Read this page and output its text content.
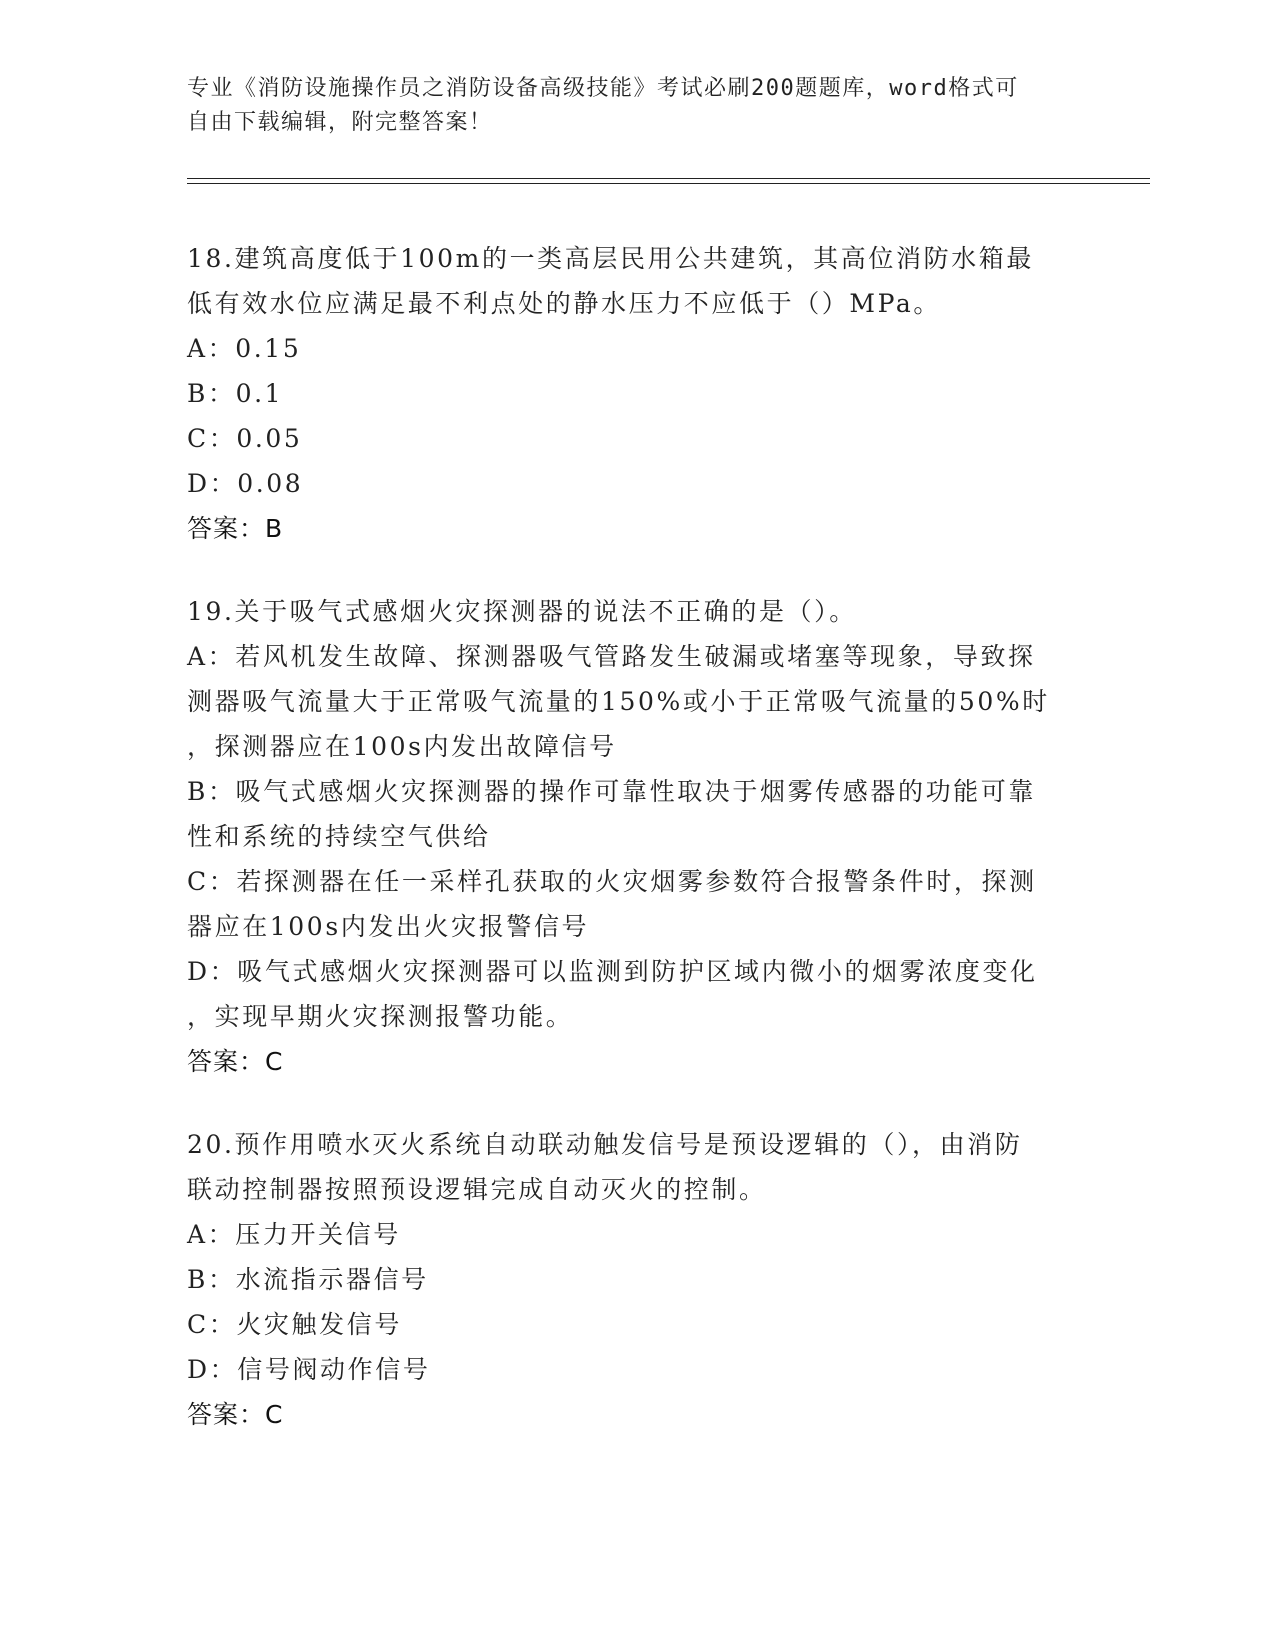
专业《消防设施操作员之消防设备高级技能》考试必刷200题题库，word格式可
自由下载编辑，附完整答案！
18.建筑高度低于100m的一类高层民用公共建筑，其高位消防水箱最
低有效水位应满足最不利点处的静水压力不应低于（）MPa。
A：0.15
B：0.1
C：0.05
D：0.08
答案：B
19.关于吸气式感烟火灾探测器的说法不正确的是（）。
A：若风机发生故障、探测器吸气管路发生破漏或堵塞等现象，导致探
测器吸气流量大于正常吸气流量的150%或小于正常吸气流量的50%时
，探测器应在100s内发出故障信号
B：吸气式感烟火灾探测器的操作可靠性取决于烟雾传感器的功能可靠
性和系统的持续空气供给
C：若探测器在任一采样孔获取的火灾烟雾参数符合报警条件时，探测
器应在100s内发出火灾报警信号
D：吸气式感烟火灾探测器可以监测到防护区域内微小的烟雾浓度变化
，实现早期火灾探测报警功能。
答案：C
20.预作用喷水灭火系统自动联动触发信号是预设逻辑的（），由消防
联动控制器按照预设逻辑完成自动灭火的控制。
A：压力开关信号
B：水流指示器信号
C：火灾触发信号
D：信号阀动作信号
答案：C
